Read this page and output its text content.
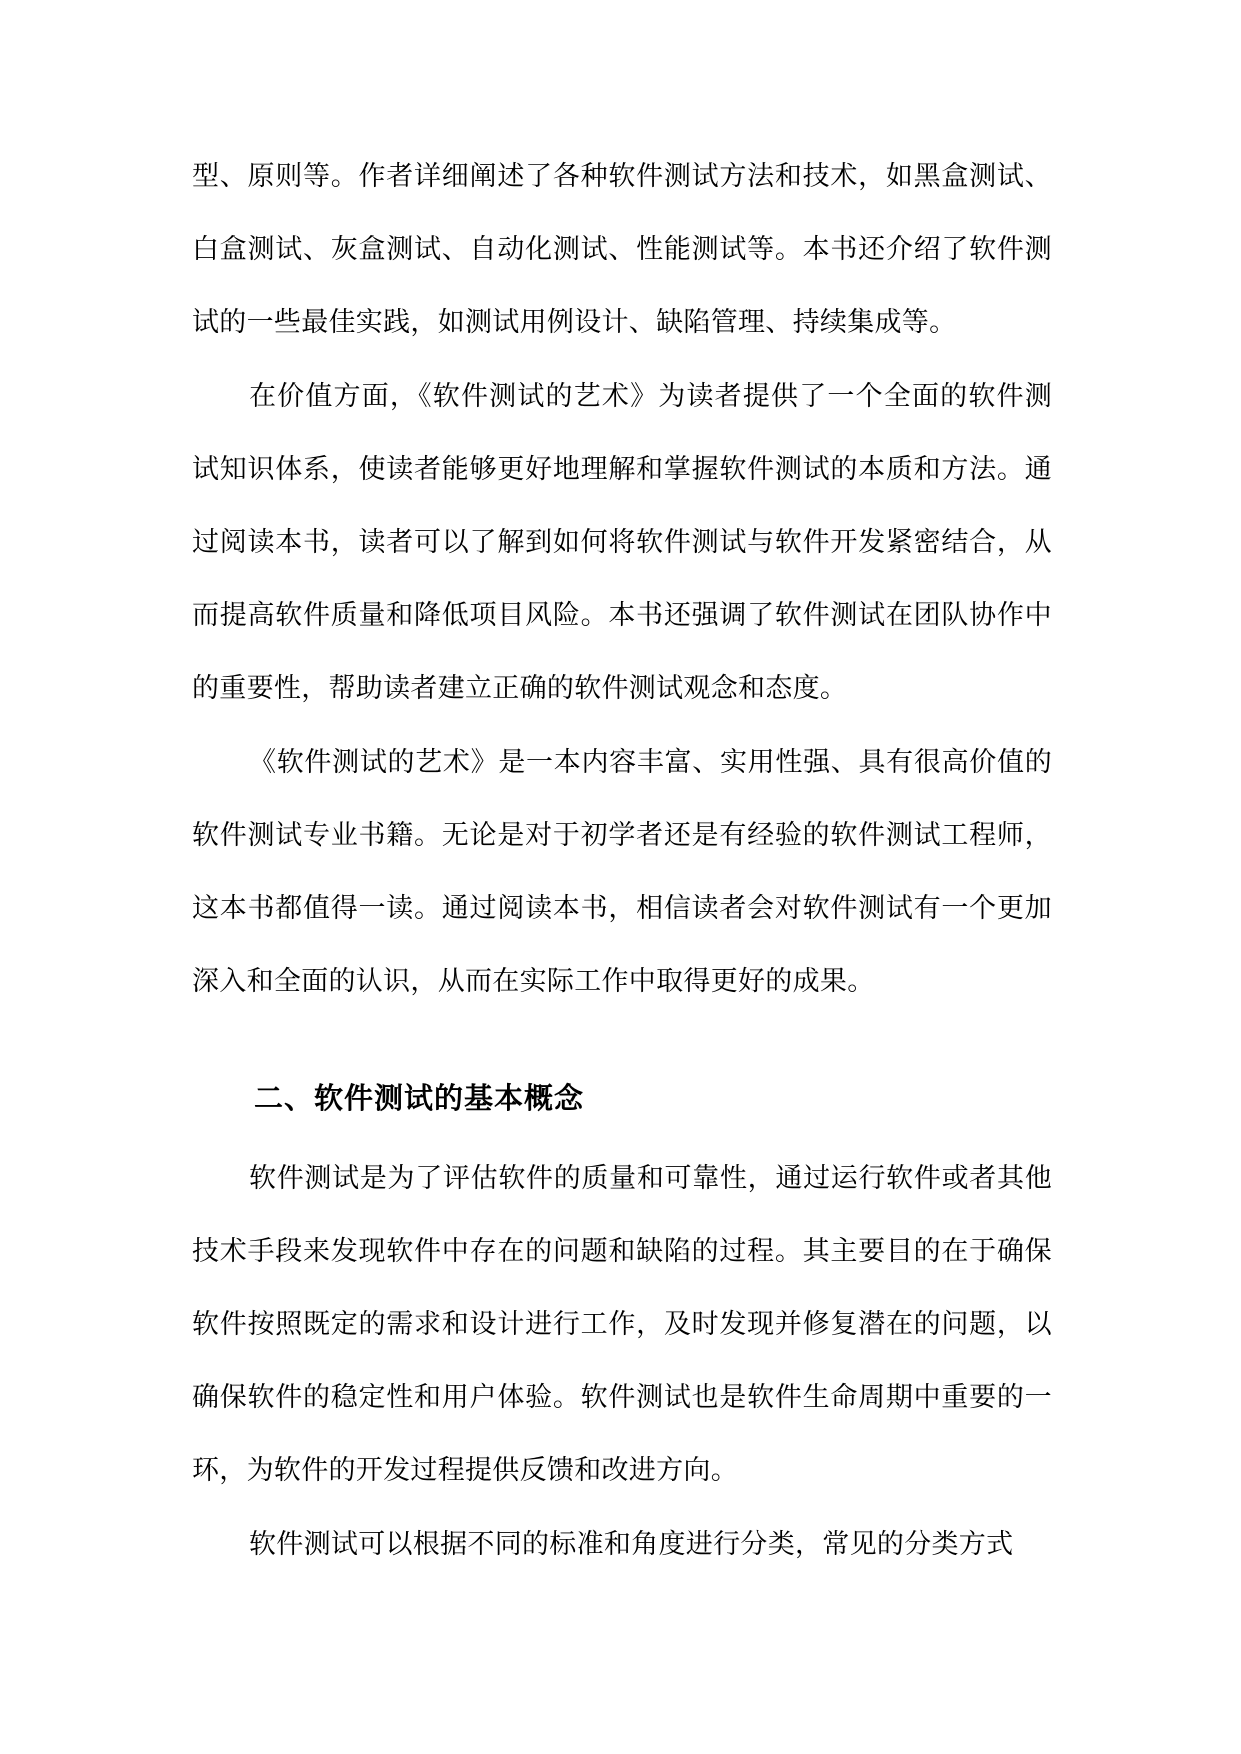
型、原则等。作者详细阐述了各种软件测试方法和技术，如黑盒测试、白盒测试、灰盒测试、自动化测试、性能测试等。本书还介绍了软件测试的一些最佳实践，如测试用例设计、缺陷管理、持续集成等。

在价值方面，《软件测试的艺术》为读者提供了一个全面的软件测试知识体系，使读者能够更好地理解和掌握软件测试的本质和方法。通过阅读本书，读者可以了解到如何将软件测试与软件开发紧密结合，从而提高软件质量和降低项目风险。本书还强调了软件测试在团队协作中的重要性，帮助读者建立正确的软件测试观念和态度。

《软件测试的艺术》是一本内容丰富、实用性强、具有很高价值的软件测试专业书籍。无论是对于初学者还是有经验的软件测试工程师，这本书都值得一读。通过阅读本书，相信读者会对软件测试有一个更加深入和全面的认识，从而在实际工作中取得更好的成果。

二、软件测试的基本概念

软件测试是为了评估软件的质量和可靠性，通过运行软件或者其他技术手段来发现软件中存在的问题和缺陷的过程。其主要目的在于确保软件按照既定的需求和设计进行工作，及时发现并修复潜在的问题，以确保软件的稳定性和用户体验。软件测试也是软件生命周期中重要的一环，为软件的开发过程提供反馈和改进方向。

软件测试可以根据不同的标准和角度进行分类，常见的分类方式
